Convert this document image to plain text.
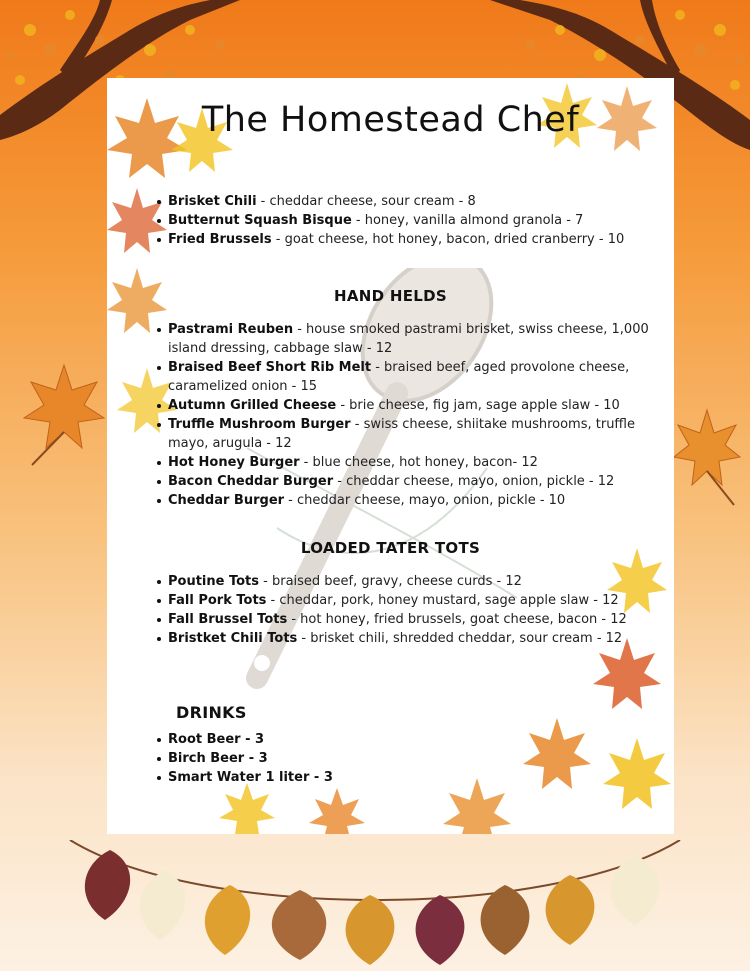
The Homestead Chef
Brisket Chili - cheddar cheese, sour cream - 8
Butternut Squash Bisque - honey, vanilla almond granola - 7
Fried Brussels - goat cheese, hot honey, bacon, dried cranberry - 10
HAND HELDS
Pastrami Reuben - house smoked pastrami brisket, swiss cheese, 1,000 island dressing, cabbage slaw - 12
Braised Beef Short Rib Melt - braised beef, aged provolone cheese, caramelized onion - 15
Autumn Grilled Cheese - brie cheese, fig jam, sage apple slaw - 10
Truffle Mushroom Burger - swiss cheese, shiitake mushrooms, truffle mayo, arugula - 12
Hot Honey Burger - blue cheese, hot honey, bacon- 12
Bacon Cheddar Burger - cheddar cheese, mayo, onion, pickle - 12
Cheddar Burger - cheddar cheese, mayo, onion, pickle - 10
LOADED TATER TOTS
Poutine Tots - braised beef, gravy, cheese curds - 12
Fall Pork Tots - cheddar, pork, honey mustard, sage apple slaw - 12
Fall Brussel Tots - hot honey, fried brussels, goat cheese, bacon - 12
Bristket Chili Tots - brisket chili, shredded cheddar, sour cream - 12
DRINKS
Root Beer - 3
Birch Beer - 3
Smart Water 1 liter - 3
